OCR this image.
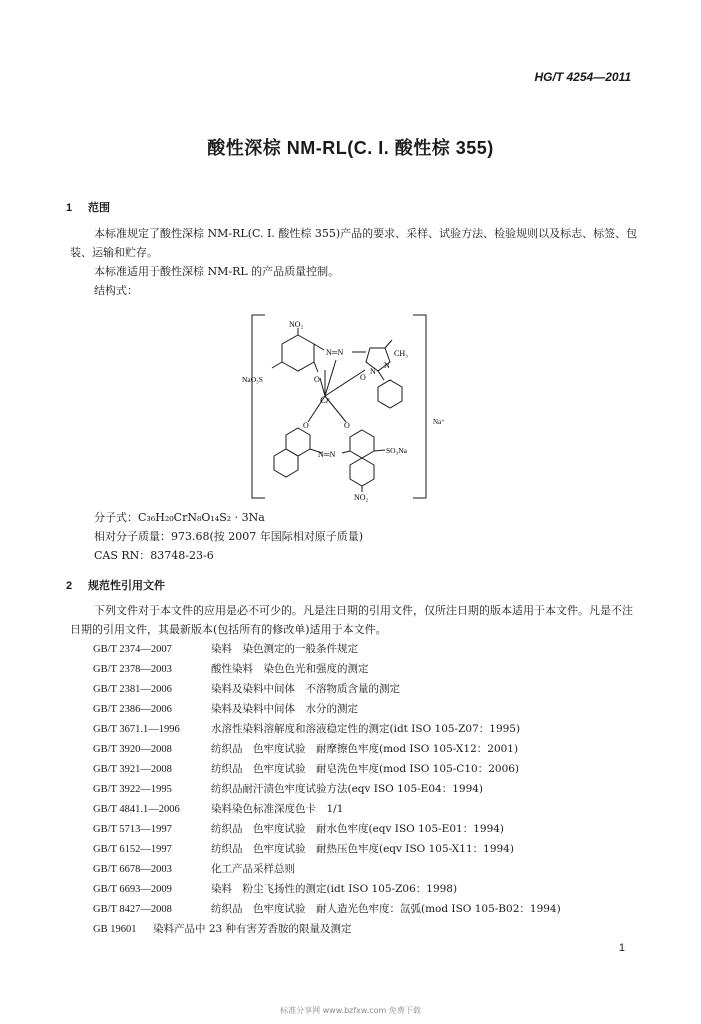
HG/T 4254—2011
酸性深棕 NM-RL(C. I. 酸性棕 355)
1 范围
本标准规定了酸性深棕 NM-RL(C. I. 酸性棕 355)产品的要求、采样、试验方法、检验规则以及标志、标签、包装、运输和贮存。
本标准适用于酸性深棕 NM-RL 的产品质量控制。
结构式：
NO₂
NaO₃S
CH₃
N═N
O	O
N
N
Cr
O	O
N═N	SO₃Na
NO₂
Na⁺
分子式：C₃₆H₂₀CrN₈O₁₄S₂ · 3Na
相对分子质量：973.68(按 2007 年国际相对原子质量)
CAS RN：83748-23-6
2 规范性引用文件
下列文件对于本文件的应用是必不可少的。凡是注日期的引用文件，仅所注日期的版本适用于本文件。凡是不注日期的引用文件，其最新版本(包括所有的修改单)适用于本文件。
GB/T 2374—2007	染料　染色测定的一般条件规定
GB/T 2378—2003	酸性染料　染色色光和强度的测定
GB/T 2381—2006	染料及染料中间体　不溶物质含量的测定
GB/T 2386—2006	染料及染料中间体　水分的测定
GB/T 3671.1—1996	水溶性染料溶解度和溶液稳定性的测定(idt ISO 105-Z07：1995)
GB/T 3920—2008	纺织品　色牢度试验　耐摩擦色牢度(mod ISO 105-X12：2001)
GB/T 3921—2008	纺织品　色牢度试验　耐皂洗色牢度(mod ISO 105-C10：2006)
GB/T 3922—1995	纺织品耐汗渍色牢度试验方法(eqv ISO 105-E04：1994)
GB/T 4841.1—2006	染料染色标准深度色卡　1/1
GB/T 5713—1997	纺织品　色牢度试验　耐水色牢度(eqv ISO 105-E01：1994)
GB/T 6152—1997	纺织品　色牢度试验　耐热压色牢度(eqv ISO 105-X11：1994)
GB/T 6678—2003	化工产品采样总则
GB/T 6693—2009	染料　粉尘飞扬性的测定(idt ISO 105-Z06：1998)
GB/T 8427—2008	纺织品　色牢度试验　耐人造光色牢度：氙弧(mod ISO 105-B02：1994)
GB 19601 染料产品中 23 种有害芳香胺的限量及测定
1
标准分享网 www.bzfxw.com 免费下载
